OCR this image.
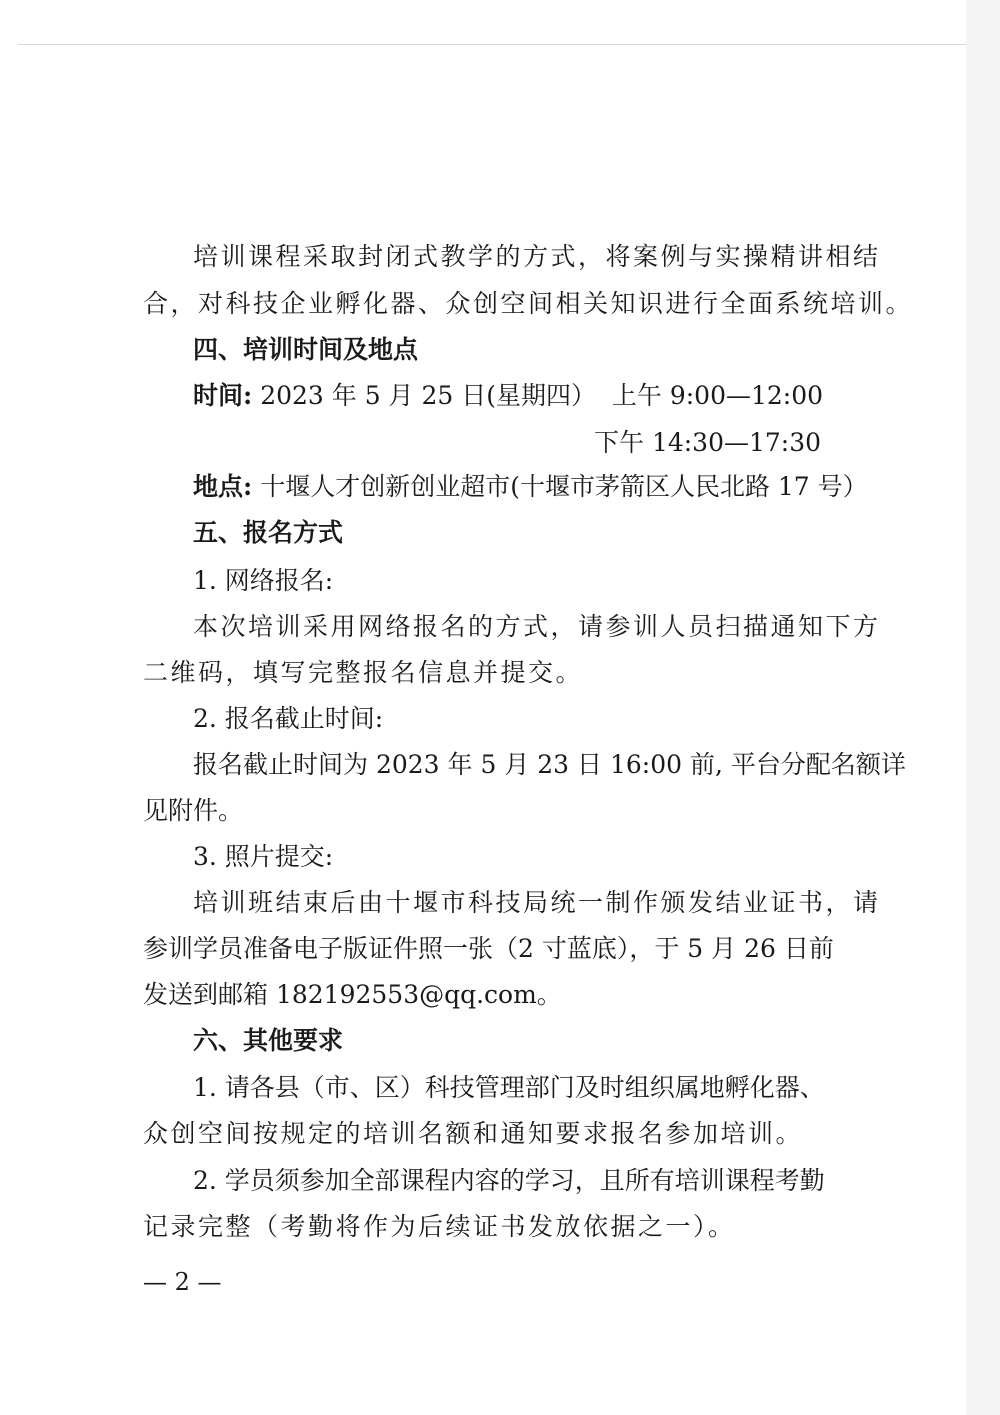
培训课程采取封闭式教学的方式，将案例与实操精讲相结
合，对科技企业孵化器、众创空间相关知识进行全面系统培训。
四、培训时间及地点
时间: 2023 年 5 月 25 日(星期四）  上午 9:00—12:00
下午 14:30—17:30
地点: 十堰人才创新创业超市(十堰市茅箭区人民北路 17 号）
五、报名方式
1. 网络报名:
本次培训采用网络报名的方式，请参训人员扫描通知下方
二维码，填写完整报名信息并提交。
2. 报名截止时间:
报名截止时间为 2023 年 5 月 23 日 16:00 前, 平台分配名额详
见附件。
3. 照片提交:
培训班结束后由十堰市科技局统一制作颁发结业证书，请
参训学员准备电子版证件照一张（2 寸蓝底），于 5 月 26 日前
发送到邮箱 182192553@qq.com。
六、其他要求
1. 请各县（市、区）科技管理部门及时组织属地孵化器、
众创空间按规定的培训名额和通知要求报名参加培训。
2. 学员须参加全部课程内容的学习，且所有培训课程考勤
记录完整（考勤将作为后续证书发放依据之一）。
— 2 —
